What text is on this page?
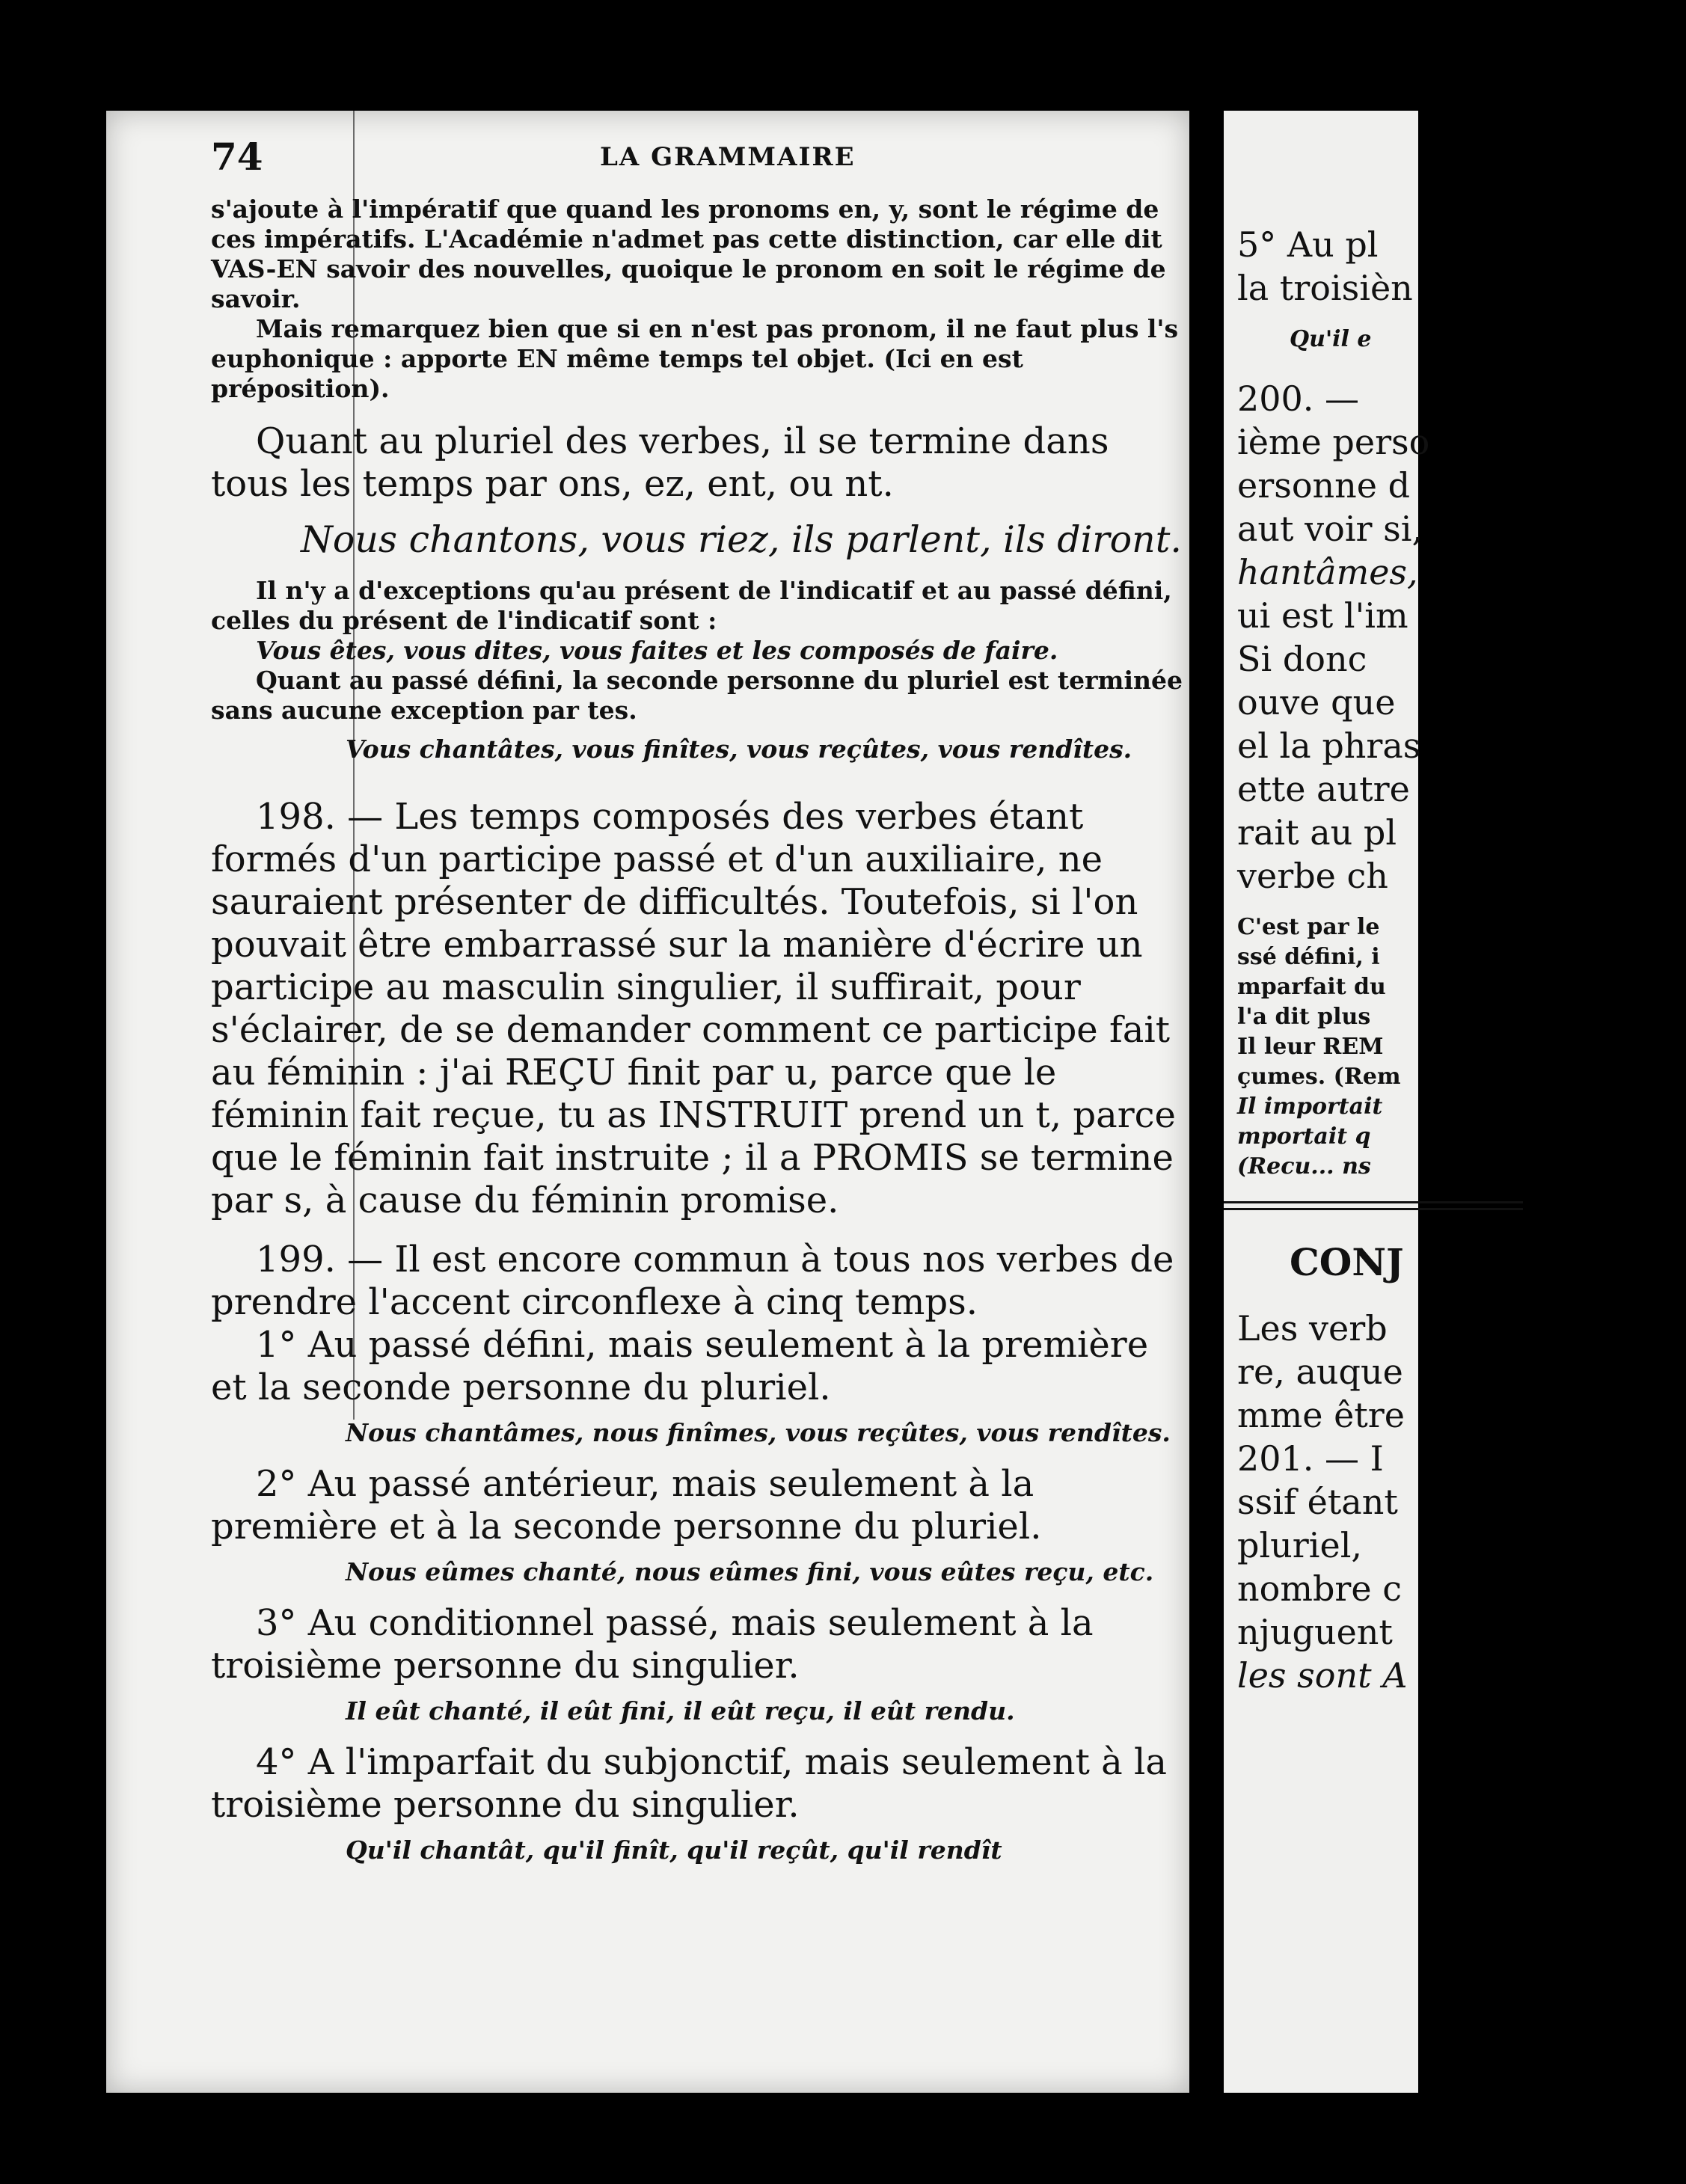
74	LA GRAMMAIRE

s'ajoute à l'impératif que quand les pronoms en, y, sont le régime de ces impératifs. L'Académie n'admet pas cette distinction, car elle dit VAS-EN savoir des nouvelles, quoique le pronom en soit le régime de savoir.

Mais remarquez bien que si en n'est pas pronom, il ne faut plus l's euphonique : apporte EN même temps tel objet. (Ici en est préposition).

Quant au pluriel des verbes, il se termine dans tous les temps par ons, ez, ent, ou nt.

Nous chantons, vous riez, ils parlent, ils diront.

Il n'y a d'exceptions qu'au présent de l'indicatif et au passé défini, celles du présent de l'indicatif sont :

Vous êtes, vous dites, vous faites et les composés de faire.

Quant au passé défini, la seconde personne du pluriel est terminée sans aucune exception par tes.

Vous chantâtes, vous finîtes, vous reçûtes, vous rendîtes.

198. — Les temps composés des verbes étant formés d'un participe passé et d'un auxiliaire, ne sauraient présenter de difficultés. Toutefois, si l'on pouvait être embarrassé sur la manière d'écrire un participe au masculin singulier, il suffirait, pour s'éclairer, de se demander comment ce participe fait au féminin : j'ai REÇU finit par u, parce que le féminin fait reçue, tu as INSTRUIT prend un t, parce que le féminin fait instruite ; il a PROMIS se termine par s, à cause du féminin promise.

199. — Il est encore commun à tous nos verbes de prendre l'accent circonflexe à cinq temps.

1° Au passé défini, mais seulement à la première et la seconde personne du pluriel.

Nous chantâmes, nous finîmes, vous reçûtes, vous rendîtes.

2° Au passé antérieur, mais seulement à la première et à la seconde personne du pluriel.

Nous eûmes chanté, nous eûmes fini, vous eûtes reçu, etc.

3° Au conditionnel passé, mais seulement à la troisième personne du singulier.

Il eût chanté, il eût fini, il eût reçu, il eût rendu.

4° A l'imparfait du subjonctif, mais seulement à la troisième personne du singulier.

Qu'il chantât, qu'il finît, qu'il reçût, qu'il rendît

5° Au pl

la troisièn

Qu'il e

200. —

ième perso

ersonne d

aut voir si,

hantâmes,

ui est l'im

Si donc

ouve que

el la phras

ette autre

rait au pl

verbe ch

C'est par le

ssé défini, i

mparfait du

l'a dit plus

Il leur REM

çumes. (Rem

Il importait

mportait q

(Recu... ns

CONJ

Les verb

re, auque

mme être

201. — I

ssif étant

pluriel,

nombre c

njuguent

les sont A
